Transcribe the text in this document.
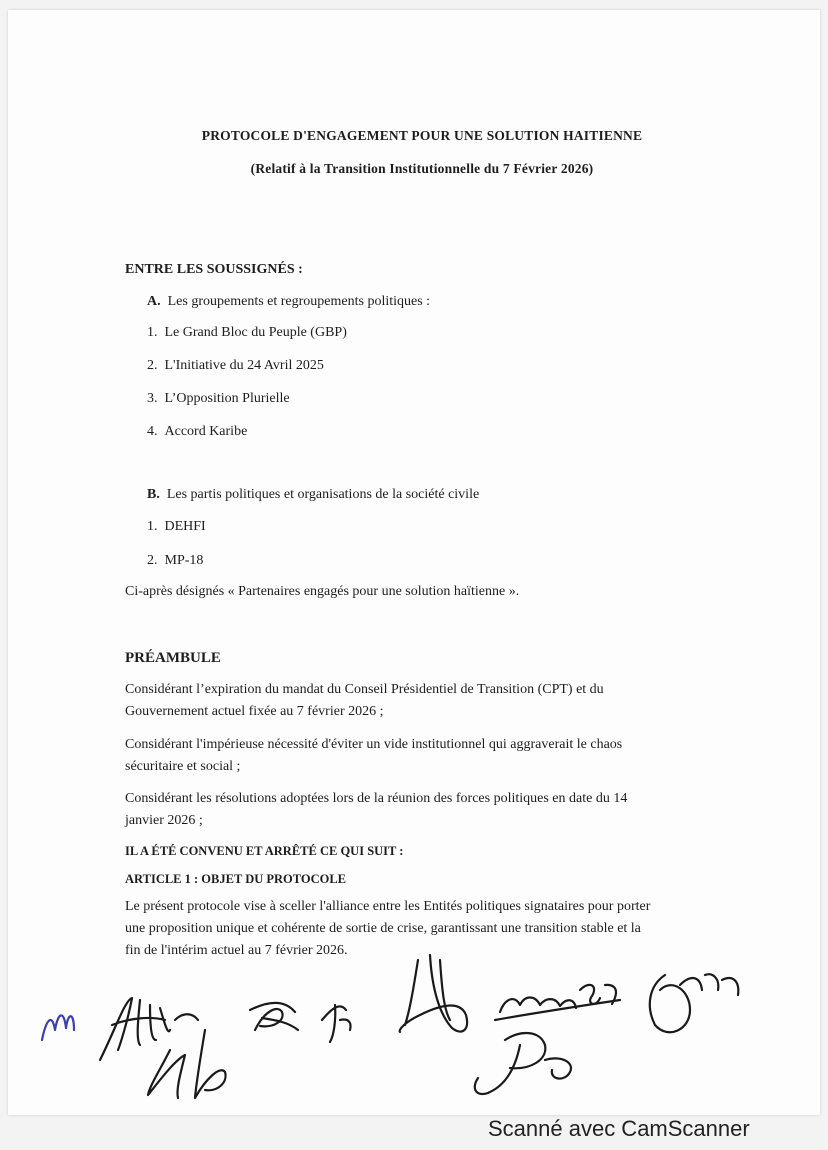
PROTOCOLE D'ENGAGEMENT POUR UNE SOLUTION HAITIENNE
(Relatif à la Transition Institutionnelle du 7 Février 2026)
ENTRE LES SOUSSIGNÉS :
A. Les groupements et regroupements politiques :
1. Le Grand Bloc du Peuple (GBP)
2. L'Initiative du 24 Avril 2025
3. L’Opposition Plurielle
4. Accord Karibe
B. Les partis politiques et organisations de la société civile
1. DEHFI
2. MP-18
Ci-après désignés « Partenaires engagés pour une solution haïtienne ».
PRÉAMBULE
Considérant l’expiration du mandat du Conseil Présidentiel de Transition (CPT) et du
Gouvernement actuel fixée au 7 février 2026 ;
Considérant l'impérieuse nécessité d'éviter un vide institutionnel qui aggraverait le chaos
sécuritaire et social ;
Considérant les résolutions adoptées lors de la réunion des forces politiques en date du 14
janvier 2026 ;
IL A ÉTÉ CONVENU ET ARRÊTÉ CE QUI SUIT :
ARTICLE 1 : OBJET DU PROTOCOLE
Le présent protocole vise à sceller l'alliance entre les Entités politiques signataires pour porter
une proposition unique et cohérente de sortie de crise, garantissant une transition stable et la
fin de l'intérim actuel au 7 février 2026.
Scanné avec CamScanner
